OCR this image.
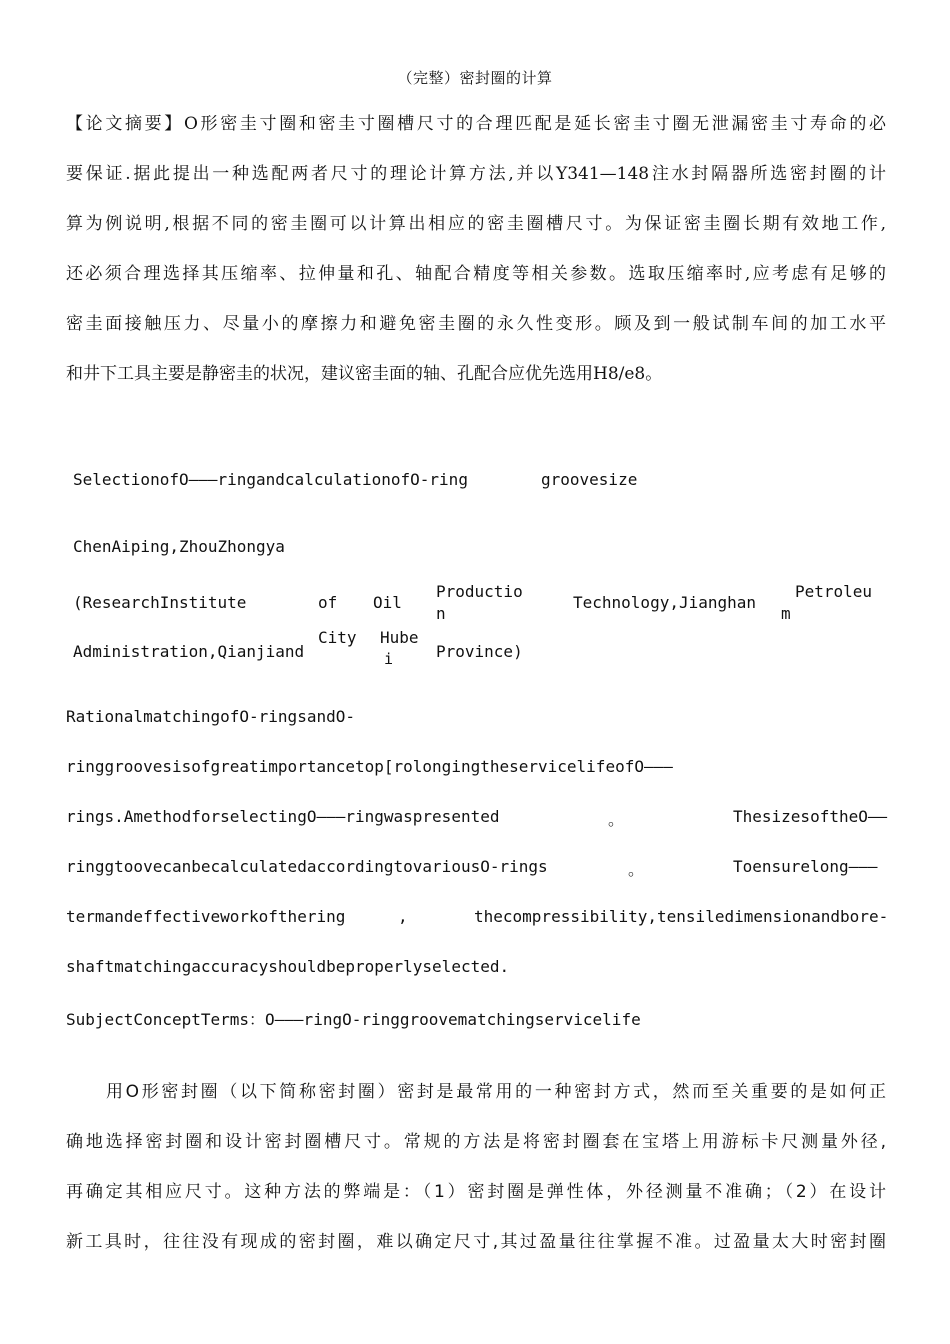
（完整）密封圈的计算
【论文摘要】O形密圭寸圈和密圭寸圈槽尺寸的合理匹配是延长密圭寸圈无泄漏密圭寸寿命的必
要保证.据此提出一种选配两者尺寸的理论计算方法,并以Y341—148注水封隔器所选密封圈的计
算为例说明,根据不同的密圭圈可以计算出相应的密圭圈槽尺寸。为保证密圭圈长期有效地工作,
还必须合理选择其压缩率、拉伸量和孔、轴配合精度等相关参数。选取压缩率时,应考虑有足够的
密圭面接触压力、尽量小的摩擦力和避免密圭圈的永久性变形。顾及到一般试制车间的加工水平
和井下工具主要是静密圭的状况，建议密圭面的轴、孔配合应优先选用H8/e8。
SelectionofO———ringandcalculationofO-ring	groovesize
ChenAiping,ZhouZhongya
(ResearchInstitute	of Oil
Productio
n
Technology,Jianghan
Petroleu
m
Administration,Qianjiand
City Hube
i	Province)
RationalmatchingofO-ringsandO-
ringgroovesisofgreatimportancetop[rolongingtheservicelifeofO———
rings.AmethodforselectingO———ringwaspresented	。	ThesizesoftheO——
ringgtoovecanbecalculatedaccordingtovariousO-rings	。	Toensurelong———
termandeffectiveworkofthering	,	thecompressibility,tensiledimensionandbore-
shaftmatchingaccuracyshouldbeproperlyselected.
SubjectConceptTerms：O———ringO-ringgroovematchingservicelife
用O形密封圈（以下简称密封圈）密封是最常用的一种密封方式，然而至关重要的是如何正
确地选择密封圈和设计密封圈槽尺寸。常规的方法是将密封圈套在宝塔上用游标卡尺测量外径,
再确定其相应尺寸。这种方法的弊端是：（1）密封圈是弹性体，外径测量不准确；（2）在设计
新工具时，往往没有现成的密封圈，难以确定尺寸,其过盈量往往掌握不准。过盈量太大时密封圈
